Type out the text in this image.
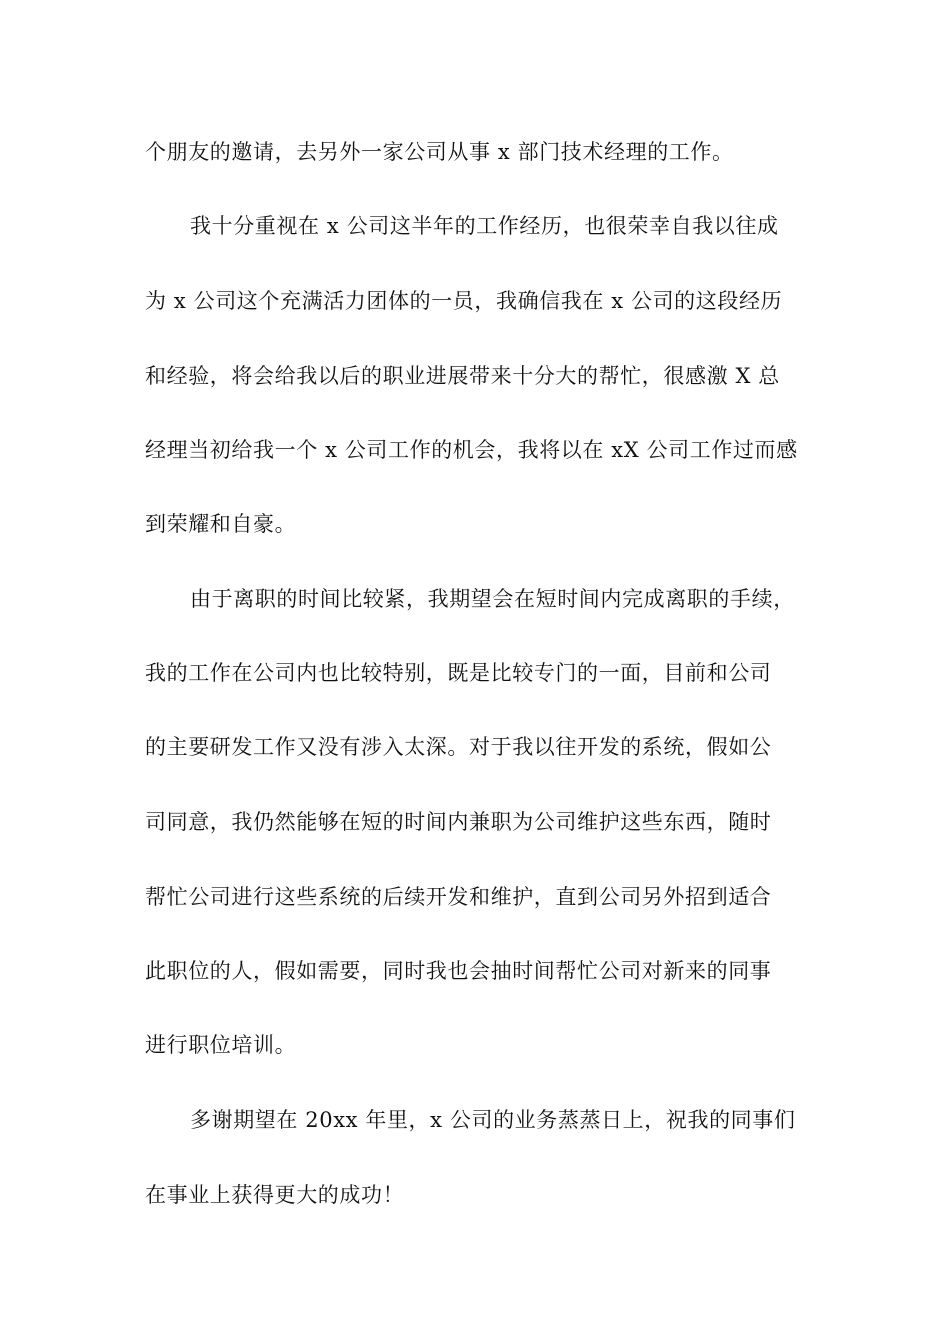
个朋友的邀请，去另外一家公司从事 x 部门技术经理的工作。
我十分重视在 x 公司这半年的工作经历，也很荣幸自我以往成
为 x 公司这个充满活力团体的一员，我确信我在 x 公司的这段经历
和经验，将会给我以后的职业进展带来十分大的帮忙，很感激 X 总
经理当初给我一个 x 公司工作的机会，我将以在 xX 公司工作过而感
到荣耀和自豪。
由于离职的时间比较紧，我期望会在短时间内完成离职的手续，
我的工作在公司内也比较特别，既是比较专门的一面，目前和公司
的主要研发工作又没有涉入太深。对于我以往开发的系统，假如公
司同意，我仍然能够在短的时间内兼职为公司维护这些东西，随时
帮忙公司进行这些系统的后续开发和维护，直到公司另外招到适合
此职位的人，假如需要，同时我也会抽时间帮忙公司对新来的同事
进行职位培训。
多谢期望在 20xx 年里，x 公司的业务蒸蒸日上，祝我的同事们
在事业上获得更大的成功！
